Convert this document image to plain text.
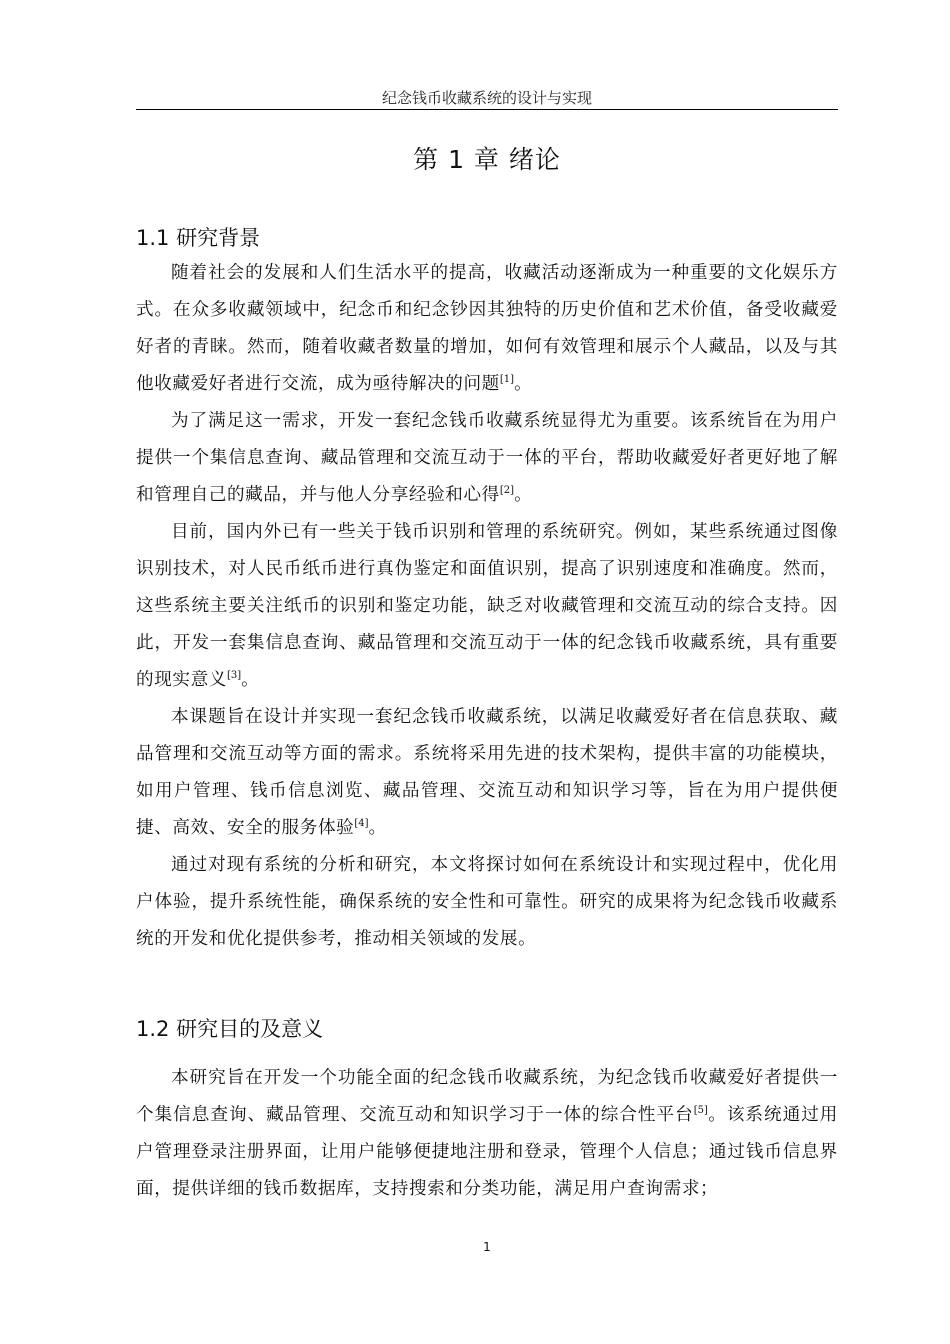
纪念钱币收藏系统的设计与实现
第 1 章 绪论
1.1 研究背景

随着社会的发展和人们生活水平的提高，收藏活动逐渐成为一种重要的文化娱乐方式。在众多收藏领域中，纪念币和纪念钞因其独特的历史价值和艺术价值，备受收藏爱好者的青睐。然而，随着收藏者数量的增加，如何有效管理和展示个人藏品，以及与其他收藏爱好者进行交流，成为亟待解决的问题[1]。

为了满足这一需求，开发一套纪念钱币收藏系统显得尤为重要。该系统旨在为用户提供一个集信息查询、藏品管理和交流互动于一体的平台，帮助收藏爱好者更好地了解和管理自己的藏品，并与他人分享经验和心得[2]。

目前，国内外已有一些关于钱币识别和管理的系统研究。例如，某些系统通过图像识别技术，对人民币纸币进行真伪鉴定和面值识别，提高了识别速度和准确度。然而，这些系统主要关注纸币的识别和鉴定功能，缺乏对收藏管理和交流互动的综合支持。因此，开发一套集信息查询、藏品管理和交流互动于一体的纪念钱币收藏系统，具有重要的现实意义[3]。

本课题旨在设计并实现一套纪念钱币收藏系统，以满足收藏爱好者在信息获取、藏品管理和交流互动等方面的需求。系统将采用先进的技术架构，提供丰富的功能模块，如用户管理、钱币信息浏览、藏品管理、交流互动和知识学习等，旨在为用户提供便捷、高效、安全的服务体验[4]。

通过对现有系统的分析和研究，本文将探讨如何在系统设计和实现过程中，优化用户体验，提升系统性能，确保系统的安全性和可靠性。研究的成果将为纪念钱币收藏系统的开发和优化提供参考，推动相关领域的发展。

1.2 研究目的及意义

本研究旨在开发一个功能全面的纪念钱币收藏系统，为纪念钱币收藏爱好者提供一个集信息查询、藏品管理、交流互动和知识学习于一体的综合性平台[5]。该系统通过用户管理登录注册界面，让用户能够便捷地注册和登录，管理个人信息；通过钱币信息界面，提供详细的钱币数据库，支持搜索和分类功能，满足用户查询需求；

1
